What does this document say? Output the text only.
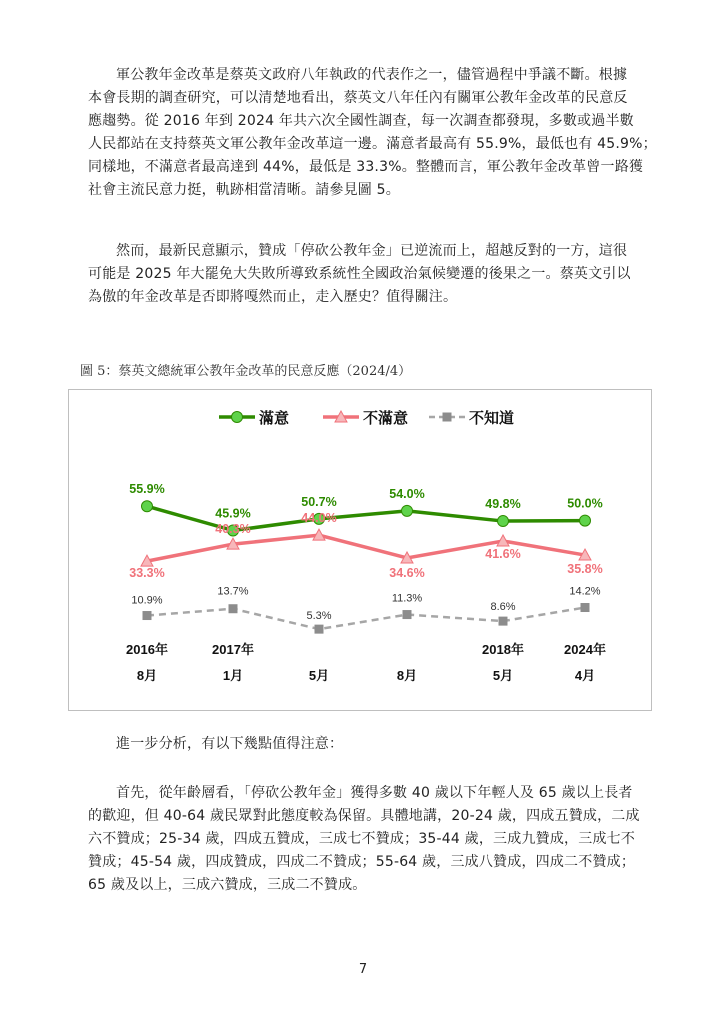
軍公教年金改革是蔡英文政府八年執政的代表作之一，儘管過程中爭議不斷。根據
本會長期的調查研究，可以清楚地看出，蔡英文八年任內有關軍公教年金改革的民意反
應趨勢。從 2016 年到 2024 年共六次全國性調查，每一次調查都發現，多數或過半數
人民都站在支持蔡英文軍公教年金改革這一邊。滿意者最高有 55.9%，最低也有 45.9%；
同樣地，不滿意者最高達到 44%，最低是 33.3%。整體而言，軍公教年金改革曾一路獲
社會主流民意力挺，軌跡相當清晰。請參見圖 5。
然而，最新民意顯示，贊成「停砍公教年金」已逆流而上，超越反對的一方，這很
可能是 2025 年大罷免大失敗所導致系統性全國政治氣候變遷的後果之一。蔡英文引以
為傲的年金改革是否即將嘎然而止，走入歷史？值得關注。
圖 5：蔡英文總統軍公教年金改革的民意反應（2024/4）
滿意	不滿意	不知道
55.9%
45.9%
50.7%
54.0%
49.8%	50.0%
33.3%
40.3%
44.0%
34.6%
41.6%
35.8%
10.9%
13.7%
5.3%
11.3%
8.6%
14.2%
2016年
8月
2017年
1月	5月	8月
2018年
5月
2024年
4月
進一步分析，有以下幾點值得注意：
首先，從年齡層看，「停砍公教年金」獲得多數 40 歲以下年輕人及 65 歲以上長者
的歡迎，但 40-64 歲民眾對此態度較為保留。具體地講，20-24 歲，四成五贊成，二成
六不贊成；25-34 歲，四成五贊成，三成七不贊成；35-44 歲，三成九贊成，三成七不
贊成；45-54 歲，四成贊成，四成二不贊成；55-64 歲，三成八贊成，四成二不贊成；
65 歲及以上，三成六贊成，三成二不贊成。
7
